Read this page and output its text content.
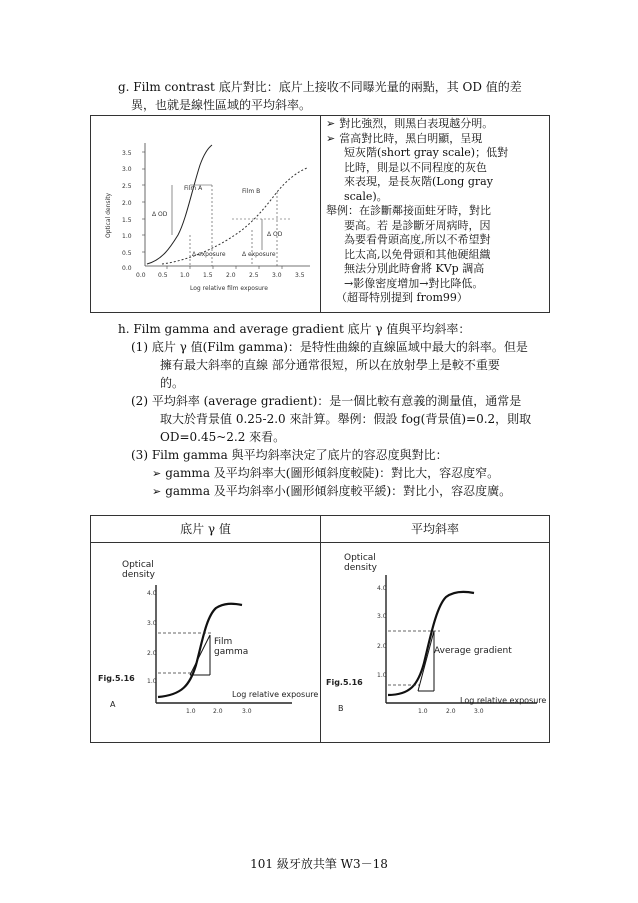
g. Film contrast 底片對比：底片上接收不同曝光量的兩點，其 OD 值的差
異，也就是線性區域的平均斜率。
3.5
3.0
2.5
2.0
1.5
1.0
0.5
0.0
0.0 0.5 1.0 1.5 2.0 2.5 3.0 3.5
Optical density
Log relative film exposure
Film A
Δ OD
Film B
Δ OD
Δ exposure	Δ exposure
➢ 對比強烈，則黑白表現越分明。
➢ 當高對比時，黑白明顯，呈現
短灰階(short gray scale)；低對
比時，則是以不同程度的灰色
來表現，是長灰階(Long gray
scale)。
舉例：在診斷鄰接面蛀牙時，對比
要高。若 是診斷牙周病時，因
為要看骨頭高度,所以不希望對
比太高,以免骨頭和其他硬組織
無法分別此時會將 KVp 調高
h. Film gamma and average gradient 底片 γ 值與平均斜率：
(1) 底片 γ 值(Film gamma)：是特性曲線的直線區域中最大的斜率。但是
擁有最大斜率的直線 部分通常很短，所以在放射學上是較不重要
的。
(2) 平均斜率 (average gradient)：是一個比較有意義的測量值，通常是
取大於背景值 0.25-2.0 來計算。舉例：假設 fog(背景值)=0.2，則取
OD=0.45~2.2 來看。
(3) Film gamma 與平均斜率決定了底片的容忍度與對比：
➢ gamma 及平均斜率大(圖形傾斜度較陡)：對比大，容忍度窄。
➢ gamma 及平均斜率小(圖形傾斜度較平緩)：對比小，容忍度廣。
底片 γ 值	平均斜率
Optical
density
4.0
3.0
2.0
1.0
1.0	2.0	3.0
Film
gamma
Fig.5.16
Log relative exposure
A
Optical
density
4.0
3.0
2.0
1.0
1.0	2.0	3.0
Average gradient
Fig.5.16
Log relative exposure
B
101 級牙放共筆 W3－18
→影像密度增加→對比降低。
（超哥特別提到 from99）
